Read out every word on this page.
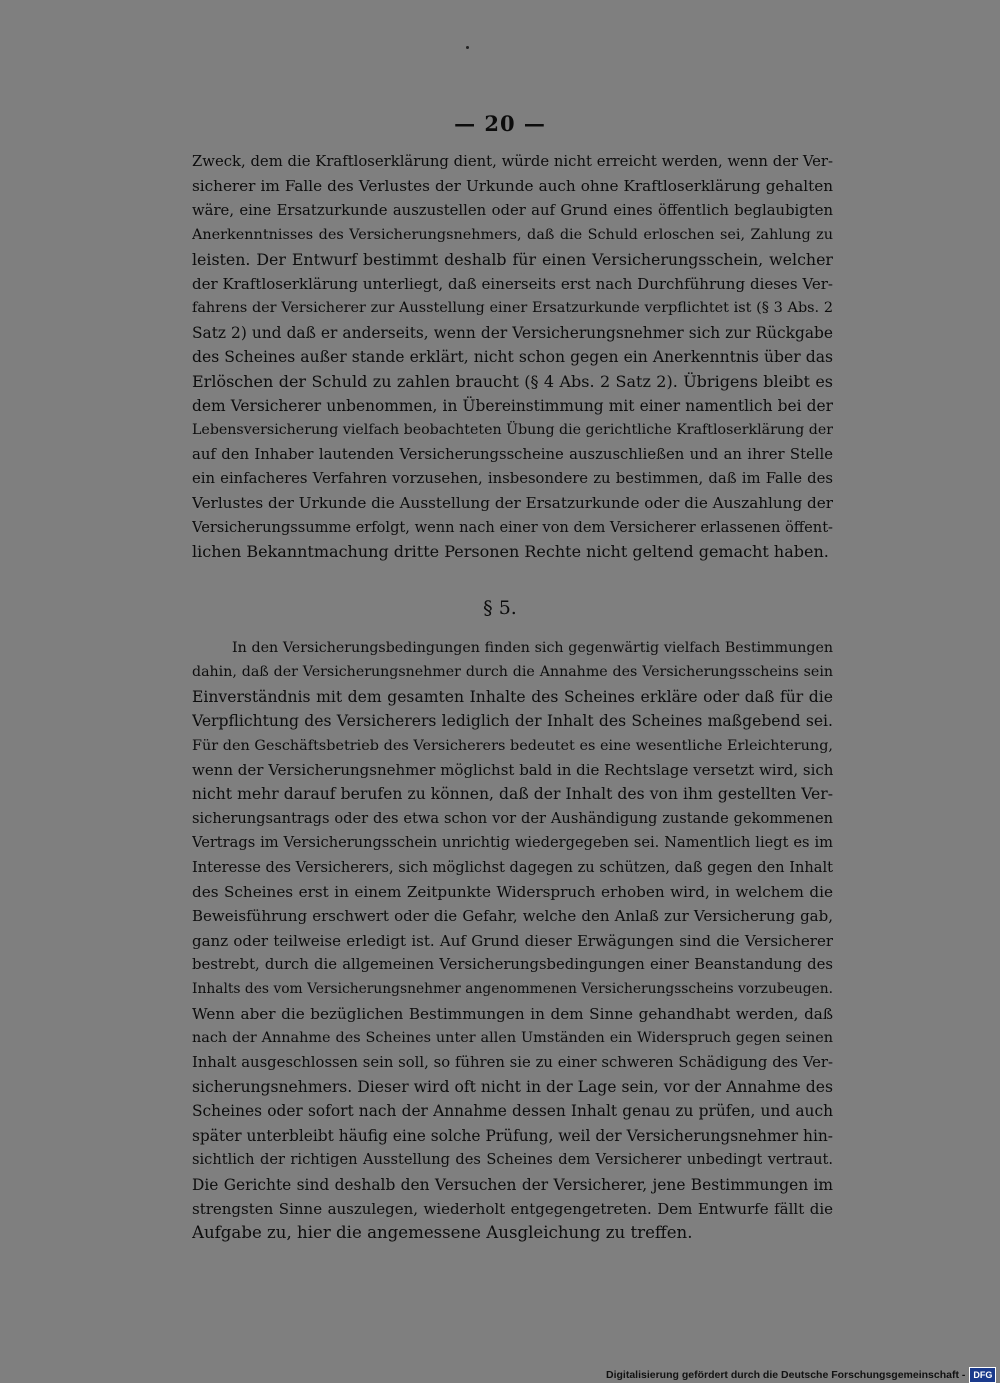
— 20 —
Zweck, dem die Kraftloserklärung dient, würde nicht erreicht werden, wenn der Ver-
sicherer im Falle des Verlustes der Urkunde auch ohne Kraftloserklärung gehalten
wäre, eine Ersatzurkunde auszustellen oder auf Grund eines öffentlich beglaubigten
Anerkenntnisses des Versicherungsnehmers, daß die Schuld erloschen sei, Zahlung zu
leisten. Der Entwurf bestimmt deshalb für einen Versicherungsschein, welcher
der Kraftloserklärung unterliegt, daß einerseits erst nach Durchführung dieses Ver-
fahrens der Versicherer zur Ausstellung einer Ersatzurkunde verpflichtet ist (§ 3 Abs. 2
Satz 2) und daß er anderseits, wenn der Versicherungsnehmer sich zur Rückgabe
des Scheines außer stande erklärt, nicht schon gegen ein Anerkenntnis über das
Erlöschen der Schuld zu zahlen braucht (§ 4 Abs. 2 Satz 2). Übrigens bleibt es
dem Versicherer unbenommen, in Übereinstimmung mit einer namentlich bei der
Lebensversicherung vielfach beobachteten Übung die gerichtliche Kraftloserklärung der
auf den Inhaber lautenden Versicherungsscheine auszuschließen und an ihrer Stelle
ein einfacheres Verfahren vorzusehen, insbesondere zu bestimmen, daß im Falle des
Verlustes der Urkunde die Ausstellung der Ersatzurkunde oder die Auszahlung der
Versicherungssumme erfolgt, wenn nach einer von dem Versicherer erlassenen öffent-
lichen Bekanntmachung dritte Personen Rechte nicht geltend gemacht haben.
§ 5.
In den Versicherungsbedingungen finden sich gegenwärtig vielfach Bestimmungen
dahin, daß der Versicherungsnehmer durch die Annahme des Versicherungsscheins sein
Einverständnis mit dem gesamten Inhalte des Scheines erkläre oder daß für die
Verpflichtung des Versicherers lediglich der Inhalt des Scheines maßgebend sei.
Für den Geschäftsbetrieb des Versicherers bedeutet es eine wesentliche Erleichterung,
wenn der Versicherungsnehmer möglichst bald in die Rechtslage versetzt wird, sich
nicht mehr darauf berufen zu können, daß der Inhalt des von ihm gestellten Ver-
sicherungsantrags oder des etwa schon vor der Aushändigung zustande gekommenen
Vertrags im Versicherungsschein unrichtig wiedergegeben sei. Namentlich liegt es im
Interesse des Versicherers, sich möglichst dagegen zu schützen, daß gegen den Inhalt
des Scheines erst in einem Zeitpunkte Widerspruch erhoben wird, in welchem die
Beweisführung erschwert oder die Gefahr, welche den Anlaß zur Versicherung gab,
ganz oder teilweise erledigt ist. Auf Grund dieser Erwägungen sind die Versicherer
bestrebt, durch die allgemeinen Versicherungsbedingungen einer Beanstandung des
Inhalts des vom Versicherungsnehmer angenommenen Versicherungsscheins vorzubeugen.
Wenn aber die bezüglichen Bestimmungen in dem Sinne gehandhabt werden, daß
nach der Annahme des Scheines unter allen Umständen ein Widerspruch gegen seinen
Inhalt ausgeschlossen sein soll, so führen sie zu einer schweren Schädigung des Ver-
sicherungsnehmers. Dieser wird oft nicht in der Lage sein, vor der Annahme des
Scheines oder sofort nach der Annahme dessen Inhalt genau zu prüfen, und auch
später unterbleibt häufig eine solche Prüfung, weil der Versicherungsnehmer hin-
sichtlich der richtigen Ausstellung des Scheines dem Versicherer unbedingt vertraut.
Die Gerichte sind deshalb den Versuchen der Versicherer, jene Bestimmungen im
strengsten Sinne auszulegen, wiederholt entgegengetreten. Dem Entwurfe fällt die
Aufgabe zu, hier die angemessene Ausgleichung zu treffen.
Digitalisierung gefördert durch die Deutsche Forschungsgemeinschaft - DFG
